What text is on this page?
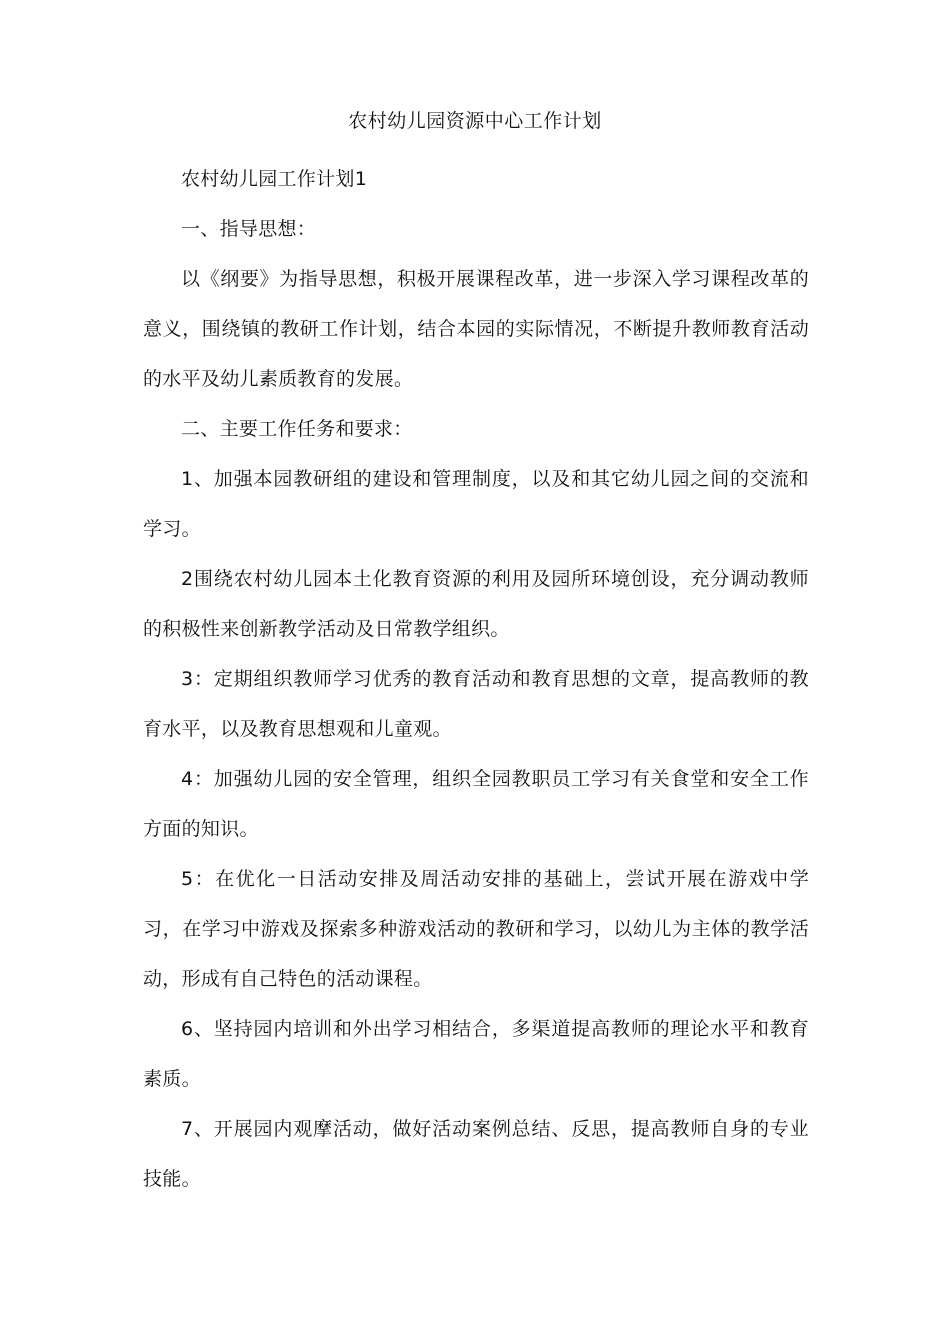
农村幼儿园资源中心工作计划

农村幼儿园工作计划1

一、指导思想：

以《纲要》为指导思想，积极开展课程改革，进一步深入学习课程改革的意义，围绕镇的教研工作计划，结合本园的实际情况，不断提升教师教育活动的水平及幼儿素质教育的发展。

二、主要工作任务和要求：

1、加强本园教研组的建设和管理制度，以及和其它幼儿园之间的交流和学习。

2围绕农村幼儿园本土化教育资源的利用及园所环境创设，充分调动教师的积极性来创新教学活动及日常教学组织。

3：定期组织教师学习优秀的教育活动和教育思想的文章，提高教师的教育水平，以及教育思想观和儿童观。

4：加强幼儿园的安全管理，组织全园教职员工学习有关食堂和安全工作方面的知识。

5：在优化一日活动安排及周活动安排的基础上，尝试开展在游戏中学习，在学习中游戏及探索多种游戏活动的教研和学习，以幼儿为主体的教学活动，形成有自己特色的活动课程。

6、坚持园内培训和外出学习相结合，多渠道提高教师的理论水平和教育素质。

7、开展园内观摩活动，做好活动案例总结、反思，提高教师自身的专业技能。
